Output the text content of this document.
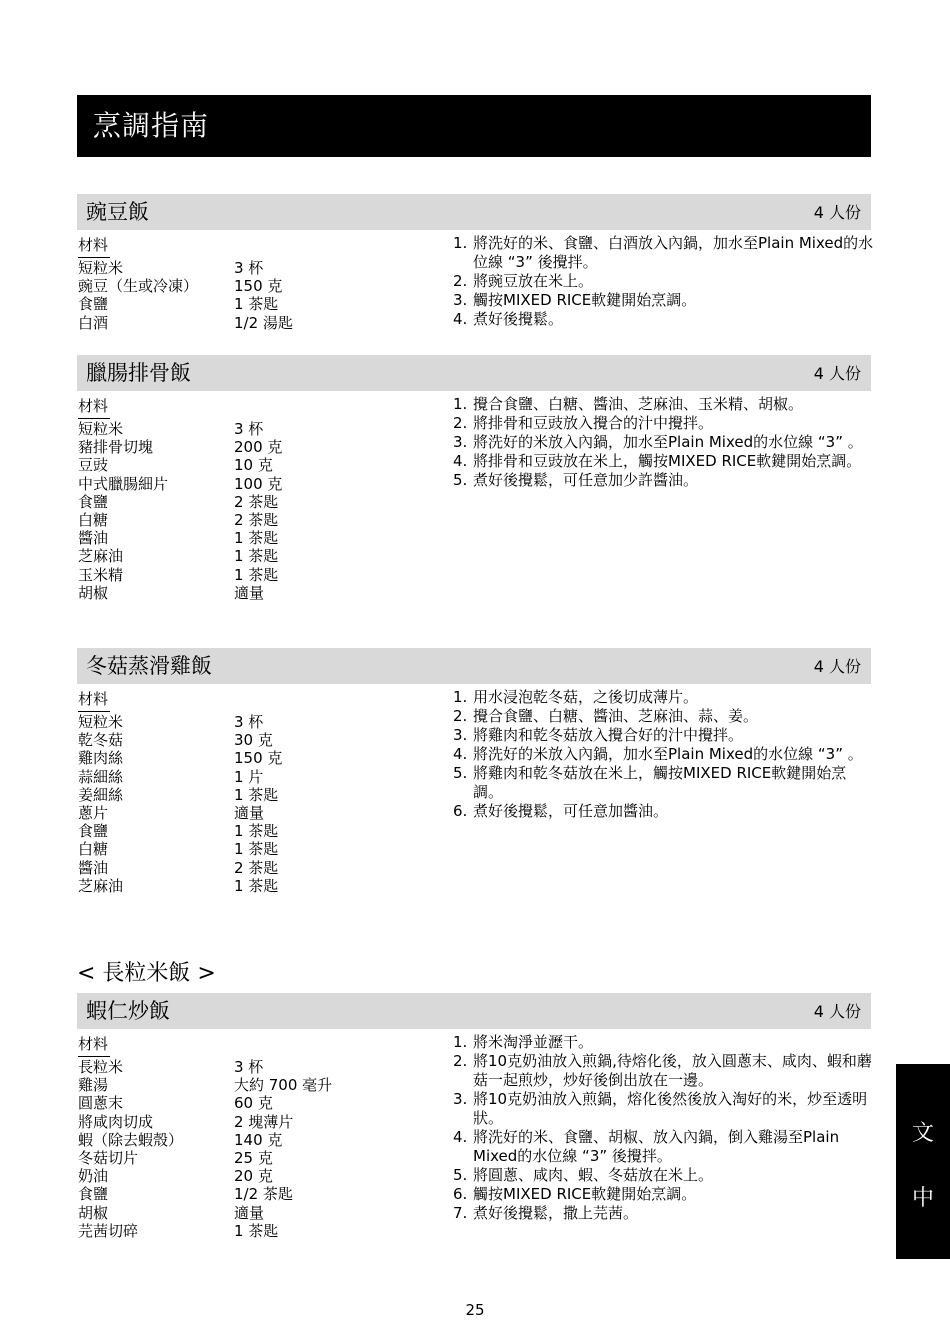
烹調指南
豌豆飯	4 人份
材料
短粒米	3 杯
豌豆（生或冷凍）	150 克
食鹽	1 茶匙
白酒	1/2 湯匙
1. 將洗好的米、食鹽、白酒放入內鍋，加水至Plain Mixed的水位線 “3” 後攪拌。
2. 將豌豆放在米上。
3. 觸按MIXED RICE軟鍵開始烹調。
4. 煮好後攪鬆。
臘腸排骨飯	4 人份
材料
短粒米	3 杯
豬排骨切塊	200 克
豆豉	10 克
中式臘腸細片	100 克
食鹽	2 茶匙
白糖	2 茶匙
醬油	1 茶匙
芝麻油	1 茶匙
玉米精	1 茶匙
胡椒	適量
1. 攪合食鹽、白糖、醬油、芝麻油、玉米精、胡椒。
2. 將排骨和豆豉放入攪合的汁中攪拌。
3. 將洗好的米放入內鍋，加水至Plain Mixed的水位線 “3” 。
4. 將排骨和豆豉放在米上，觸按MIXED RICE軟鍵開始烹調。
5. 煮好後攪鬆，可任意加少許醬油。
冬菇蒸滑雞飯	4 人份
材料
短粒米	3 杯
乾冬菇	30 克
雞肉絲	150 克
蒜細絲	1 片
姜細絲	1 茶匙
蔥片	適量
食鹽	1 茶匙
白糖	1 茶匙
醬油	2 茶匙
芝麻油	1 茶匙
1. 用水浸泡乾冬菇，之後切成薄片。
2. 攪合食鹽、白糖、醬油、芝麻油、蒜、姜。
3. 將雞肉和乾冬菇放入攪合好的汁中攪拌。
4. 將洗好的米放入內鍋，加水至Plain Mixed的水位線 “3” 。
5. 將雞肉和乾冬菇放在米上，觸按MIXED RICE軟鍵開始烹調。
6. 煮好後攪鬆，可任意加醬油。
< 長粒米飯 >
蝦仁炒飯	4 人份
材料
長粒米	3 杯
雞湯	大約 700 毫升
圓蔥末	60 克
將咸肉切成	2 塊薄片
蝦（除去蝦殼）	140 克
冬菇切片	25 克
奶油	20 克
食鹽	1/2 茶匙
胡椒	適量
芫茜切碎	1 茶匙
1. 將米淘淨並瀝干。
2. 將10克奶油放入煎鍋,待熔化後，放入圓蔥末、咸肉、蝦和蘑菇一起煎炒，炒好後倒出放在一邊。
3. 將10克奶油放入煎鍋，熔化後然後放入淘好的米，炒至透明狀。
4. 將洗好的米、食鹽、胡椒、放入內鍋，倒入雞湯至Plain Mixed的水位線 “3” 後攪拌。
5. 將圓蔥、咸肉、蝦、冬菇放在米上。
6. 觸按MIXED RICE軟鍵開始烹調。
7. 煮好後攪鬆，撒上芫茜。
文
中
25
